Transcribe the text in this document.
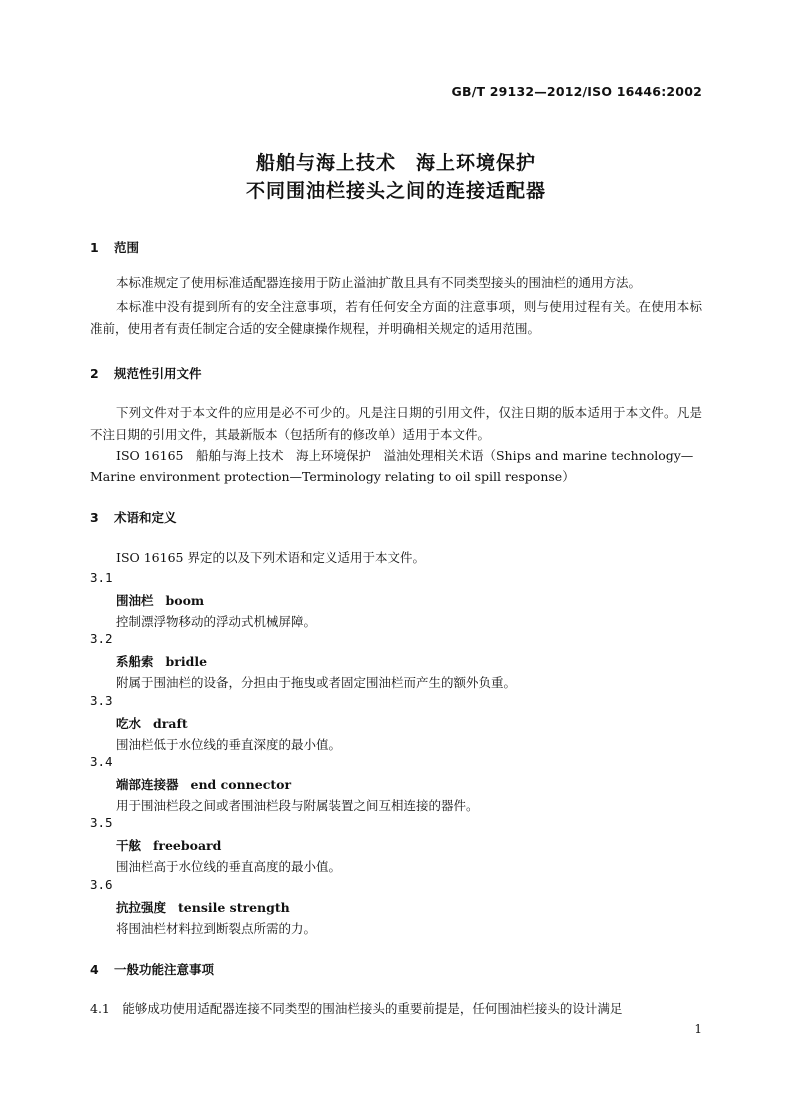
GB/T 29132—2012/ISO 16446:2002
船舶与海上技术　海上环境保护
不同围油栏接头之间的连接适配器
1 范围
本标准规定了使用标准适配器连接用于防止溢油扩散且具有不同类型接头的围油栏的通用方法。
本标准中没有提到所有的安全注意事项，若有任何安全方面的注意事项，则与使用过程有关。在使用本标准前，使用者有责任制定合适的安全健康操作规程，并明确相关规定的适用范围。
2 规范性引用文件
下列文件对于本文件的应用是必不可少的。凡是注日期的引用文件，仅注日期的版本适用于本文件。凡是不注日期的引用文件，其最新版本（包括所有的修改单）适用于本文件。
ISO 16165　船舶与海上技术　海上环境保护　溢油处理相关术语（Ships and marine technology—
Marine environment protection—Terminology relating to oil spill response）
3 术语和定义
ISO 16165 界定的以及下列术语和定义适用于本文件。
3.1
围油栏 boom
控制漂浮物移动的浮动式机械屏障。
3.2
系船索 bridle
附属于围油栏的设备，分担由于拖曳或者固定围油栏而产生的额外负重。
3.3
吃水 draft
围油栏低于水位线的垂直深度的最小值。
3.4
端部连接器 end connector
用于围油栏段之间或者围油栏段与附属装置之间互相连接的器件。
3.5
干舷 freeboard
围油栏高于水位线的垂直高度的最小值。
3.6
抗拉强度 tensile strength
将围油栏材料拉到断裂点所需的力。
4 一般功能注意事项
4.1　能够成功使用适配器连接不同类型的围油栏接头的重要前提是，任何围油栏接头的设计满足
1
